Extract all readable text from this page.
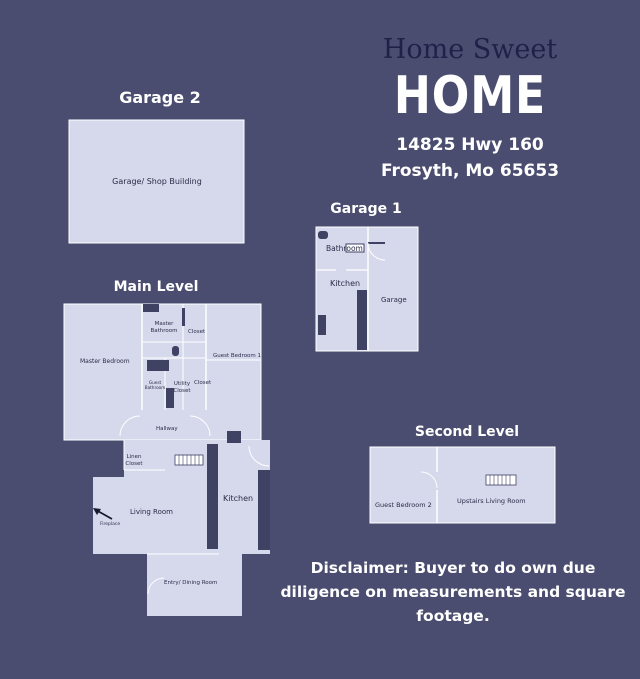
Home Sweet
HOME
14825 Hwy 160
Frosyth, Mo 65653
Garage 2
Garage 1
Main Level
Second Level
Garage/ Shop Building
Bathroom
Kitchen
Garage
Master
Bathroom Closet
Master Bedroom
Guest Bedroom 1
Guest
Bathroom
Utility
Closet
Closet
Hallway
Linen
Closet
Kitchen
Living Room
Fireplace
Entry/ Dining Room
Guest Bedroom 2	Upstairs Living Room
Disclaimer: Buyer to do own due diligence on measurements and square footage.
